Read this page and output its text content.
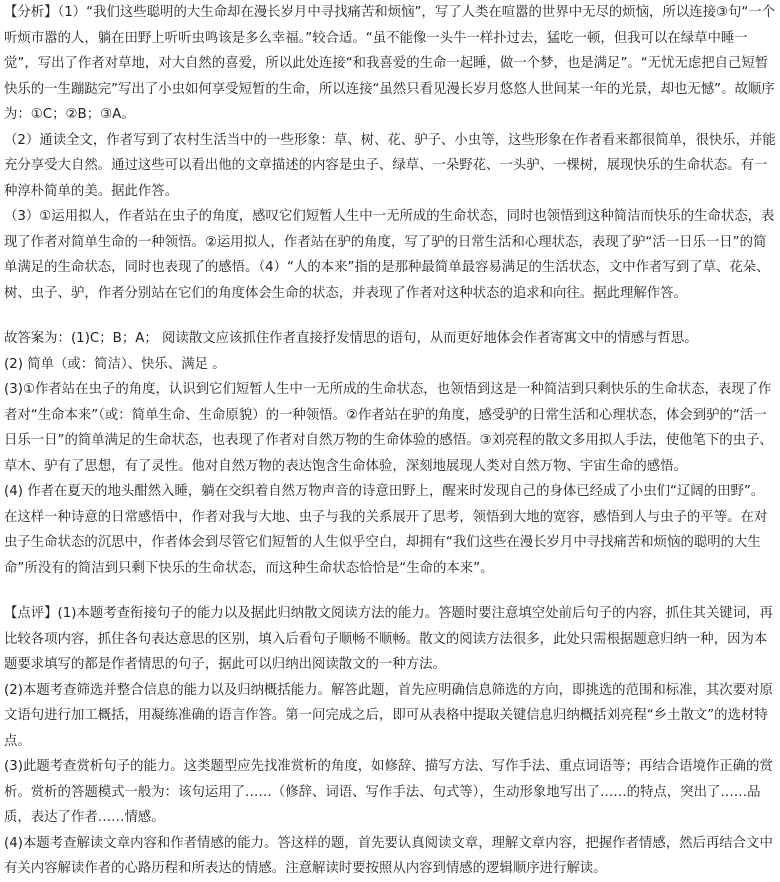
【分析】（1）“我们这些聪明的大生命却在漫长岁月中寻找痛苦和烦恼”，写了人类在喧嚣的世界中无尽的烦恼，所以连接③句“一个听烦市嚣的人，躺在田野上听听虫鸣该是多么幸福。”较合适。“虽不能像一头牛一样扑过去，猛吃一顿，但我可以在绿草中睡一觉”，写出了作者对草地，对大自然的喜爱，所以此处连接“和我喜爱的生命一起睡，做一个梦，也是满足”。“无忧无虑把自己短暂快乐的一生蹦跶完”写出了小虫如何享受短暂的生命，所以连接“虽然只看见漫长岁月悠悠人世间某一年的光景，却也无憾”。故顺序为：①C；②B；③A。

（2）通读全文，作者写到了农村生活当中的一些形象：草、树、花、驴子、小虫等，这些形象在作者看来都很简单，很快乐，并能充分享受大自然。通过这些可以看出他的文章描述的内容是虫子、绿草、一朵野花、一头驴、一棵树，展现快乐的生命状态。有一种淳朴简单的美。据此作答。

（3）①运用拟人，作者站在虫子的角度，感叹它们短暂人生中一无所成的生命状态，同时也领悟到这种简洁而快乐的生命状态，表现了作者对简单生命的一种领悟。②运用拟人，作者站在驴的角度，写了驴的日常生活和心理状态，表现了驴“活一日乐一日”的简单满足的生命状态，同时也表现了的感悟。（4）“人的本来”指的是那种最简单最容易满足的生活状态，文中作者写到了草、花朵、树、虫子、驴，作者分别站在它们的角度体会生命的状态，并表现了作者对这种状态的追求和向往。据此理解作答。

故答案为：(1)C；B；A； 阅读散文应该抓住作者直接抒发情思的语句，从而更好地体会作者寄寓文中的情感与哲思。

(2) 简单（或：简洁）、快乐、满足 。

(3)①作者站在虫子的角度，认识到它们短暂人生中一无所成的生命状态，也领悟到这是一种简洁到只剩快乐的生命状态，表现了作者对“生命本来”（或：简单生命、生命原貌）的一种领悟。②作者站在驴的角度，感受驴的日常生活和心理状态，体会到驴的“活一日乐一日”的简单满足的生命状态，也表现了作者对自然万物的生命体验的感悟。③刘亮程的散文多用拟人手法，使他笔下的虫子、草木、驴有了思想，有了灵性。他对自然万物的表达饱含生命体验，深刻地展现人类对自然万物、宇宙生命的感悟。

(4) 作者在夏天的地头酣然入睡，躺在交织着自然万物声音的诗意田野上，醒来时发现自己的身体已经成了小虫们“辽阔的田野”。在这样一种诗意的日常感悟中，作者对我与大地、虫子与我的关系展开了思考，领悟到大地的宽容，感悟到人与虫子的平等。在对虫子生命状态的沉思中，作者体会到尽管它们短暂的人生似乎空白，却拥有“我们这些在漫长岁月中寻找痛苦和烦恼的聪明的大生命”所没有的简洁到只剩下快乐的生命状态，而这种生命状态恰恰是“生命的本来”。

【点评】(1)本题考查衔接句子的能力以及据此归纳散文阅读方法的能力。答题时要注意填空处前后句子的内容，抓住其关键词，再比较各项内容，抓住各句表达意思的区别，填入后看句子顺畅不顺畅。散文的阅读方法很多，此处只需根据题意归纳一种，因为本题要求填写的都是作者情思的句子，据此可以归纳出阅读散文的一种方法。

(2)本题考查筛选并整合信息的能力以及归纳概括能力。解答此题，首先应明确信息筛选的方向，即挑选的范围和标准，其次要对原文语句进行加工概括，用凝练准确的语言作答。第一问完成之后，即可从表格中提取关键信息归纳概括刘亮程“乡土散文”的选材特点。

(3)此题考查赏析句子的能力。这类题型应先找准赏析的角度，如修辞、描写方法、写作手法、重点词语等；再结合语境作正确的赏析。赏析的答题模式一般为：该句运用了……（修辞、词语、写作手法、句式等），生动形象地写出了……的特点，突出了……品质，表达了作者……情感。

(4)本题考查解读文章内容和作者情感的能力。答这样的题，首先要认真阅读文章，理解文章内容，把握作者情感，然后再结合文中有关内容解读作者的心路历程和所表达的情感。注意解读时要按照从内容到情感的逻辑顺序进行解读。
